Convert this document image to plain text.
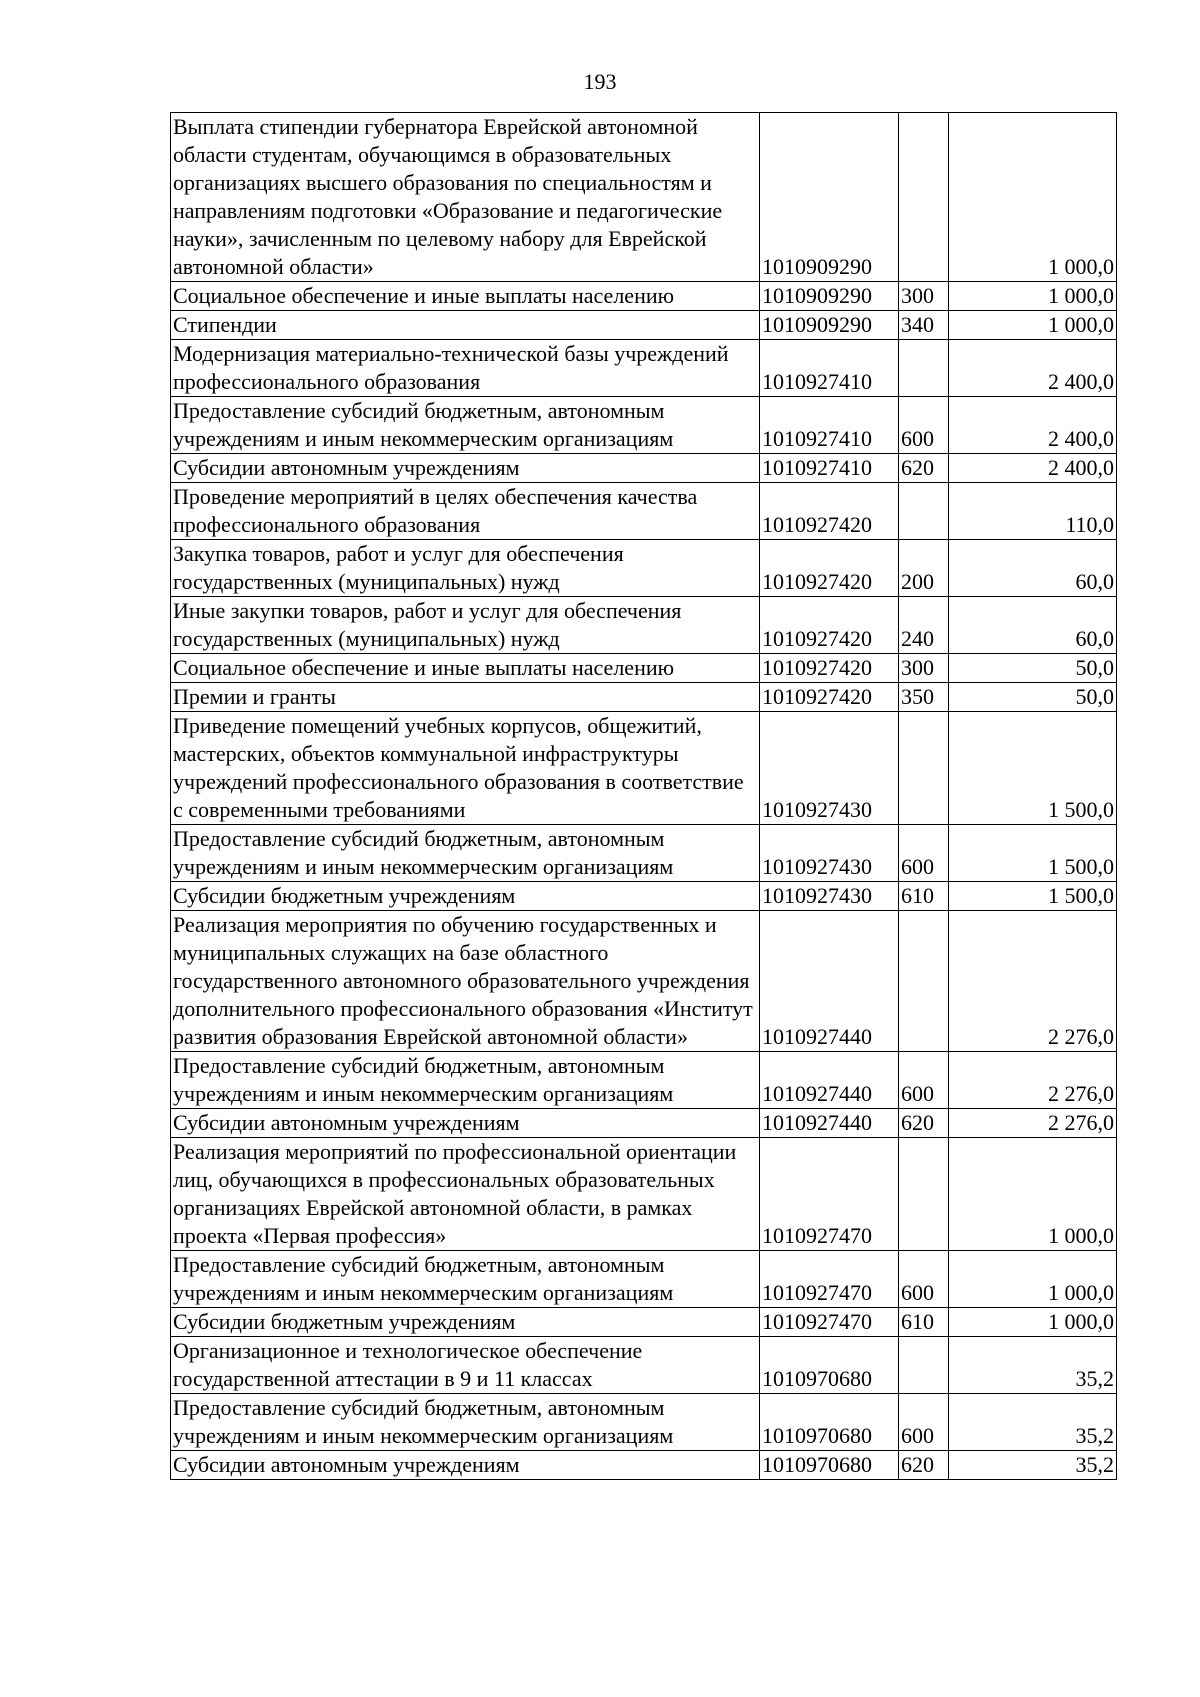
193
Выплата стипендии губернатора Еврейской автономной области студентам, обучающимся в образовательных организациях высшего образования по специальностям и направлениям подготовки «Образование и педагогические науки», зачисленным по целевому набору для Еврейской автономной области»	1010909290		1 000,0
Социальное обеспечение и иные выплаты населению	1010909290	300	1 000,0
Стипендии	1010909290	340	1 000,0
Модернизация материально-технической базы учреждений профессионального образования	1010927410		2 400,0
Предоставление субсидий бюджетным, автономным учреждениям и иным некоммерческим организациям	1010927410	600	2 400,0
Субсидии автономным учреждениям	1010927410	620	2 400,0
Проведение мероприятий в целях обеспечения качества профессионального образования	1010927420		110,0
Закупка товаров, работ и услуг для обеспечения государственных (муниципальных) нужд	1010927420	200	60,0
Иные закупки товаров, работ и услуг для обеспечения государственных (муниципальных) нужд	1010927420	240	60,0
Социальное обеспечение и иные выплаты населению	1010927420	300	50,0
Премии и гранты	1010927420	350	50,0
Приведение помещений учебных корпусов, общежитий, мастерских, объектов коммунальной инфраструктуры учреждений профессионального образования в соответствие с современными требованиями	1010927430		1 500,0
Предоставление субсидий бюджетным, автономным учреждениям и иным некоммерческим организациям	1010927430	600	1 500,0
Субсидии бюджетным учреждениям	1010927430	610	1 500,0
Реализация мероприятия по обучению государственных и муниципальных служащих на базе областного государственного автономного образовательного учреждения дополнительного профессионального образования «Институт развития образования Еврейской автономной области»	1010927440		2 276,0
Предоставление субсидий бюджетным, автономным учреждениям и иным некоммерческим организациям	1010927440	600	2 276,0
Субсидии автономным учреждениям	1010927440	620	2 276,0
Реализация мероприятий по профессиональной ориентации лиц, обучающихся в профессиональных образовательных организациях Еврейской автономной области, в рамках проекта «Первая профессия»	1010927470		1 000,0
Предоставление субсидий бюджетным, автономным учреждениям и иным некоммерческим организациям	1010927470	600	1 000,0
Субсидии бюджетным учреждениям	1010927470	610	1 000,0
Организационное и технологическое обеспечение государственной аттестации в 9 и 11 классах	1010970680		35,2
Предоставление субсидий бюджетным, автономным учреждениям и иным некоммерческим организациям	1010970680	600	35,2
Субсидии автономным учреждениям	1010970680	620	35,2
